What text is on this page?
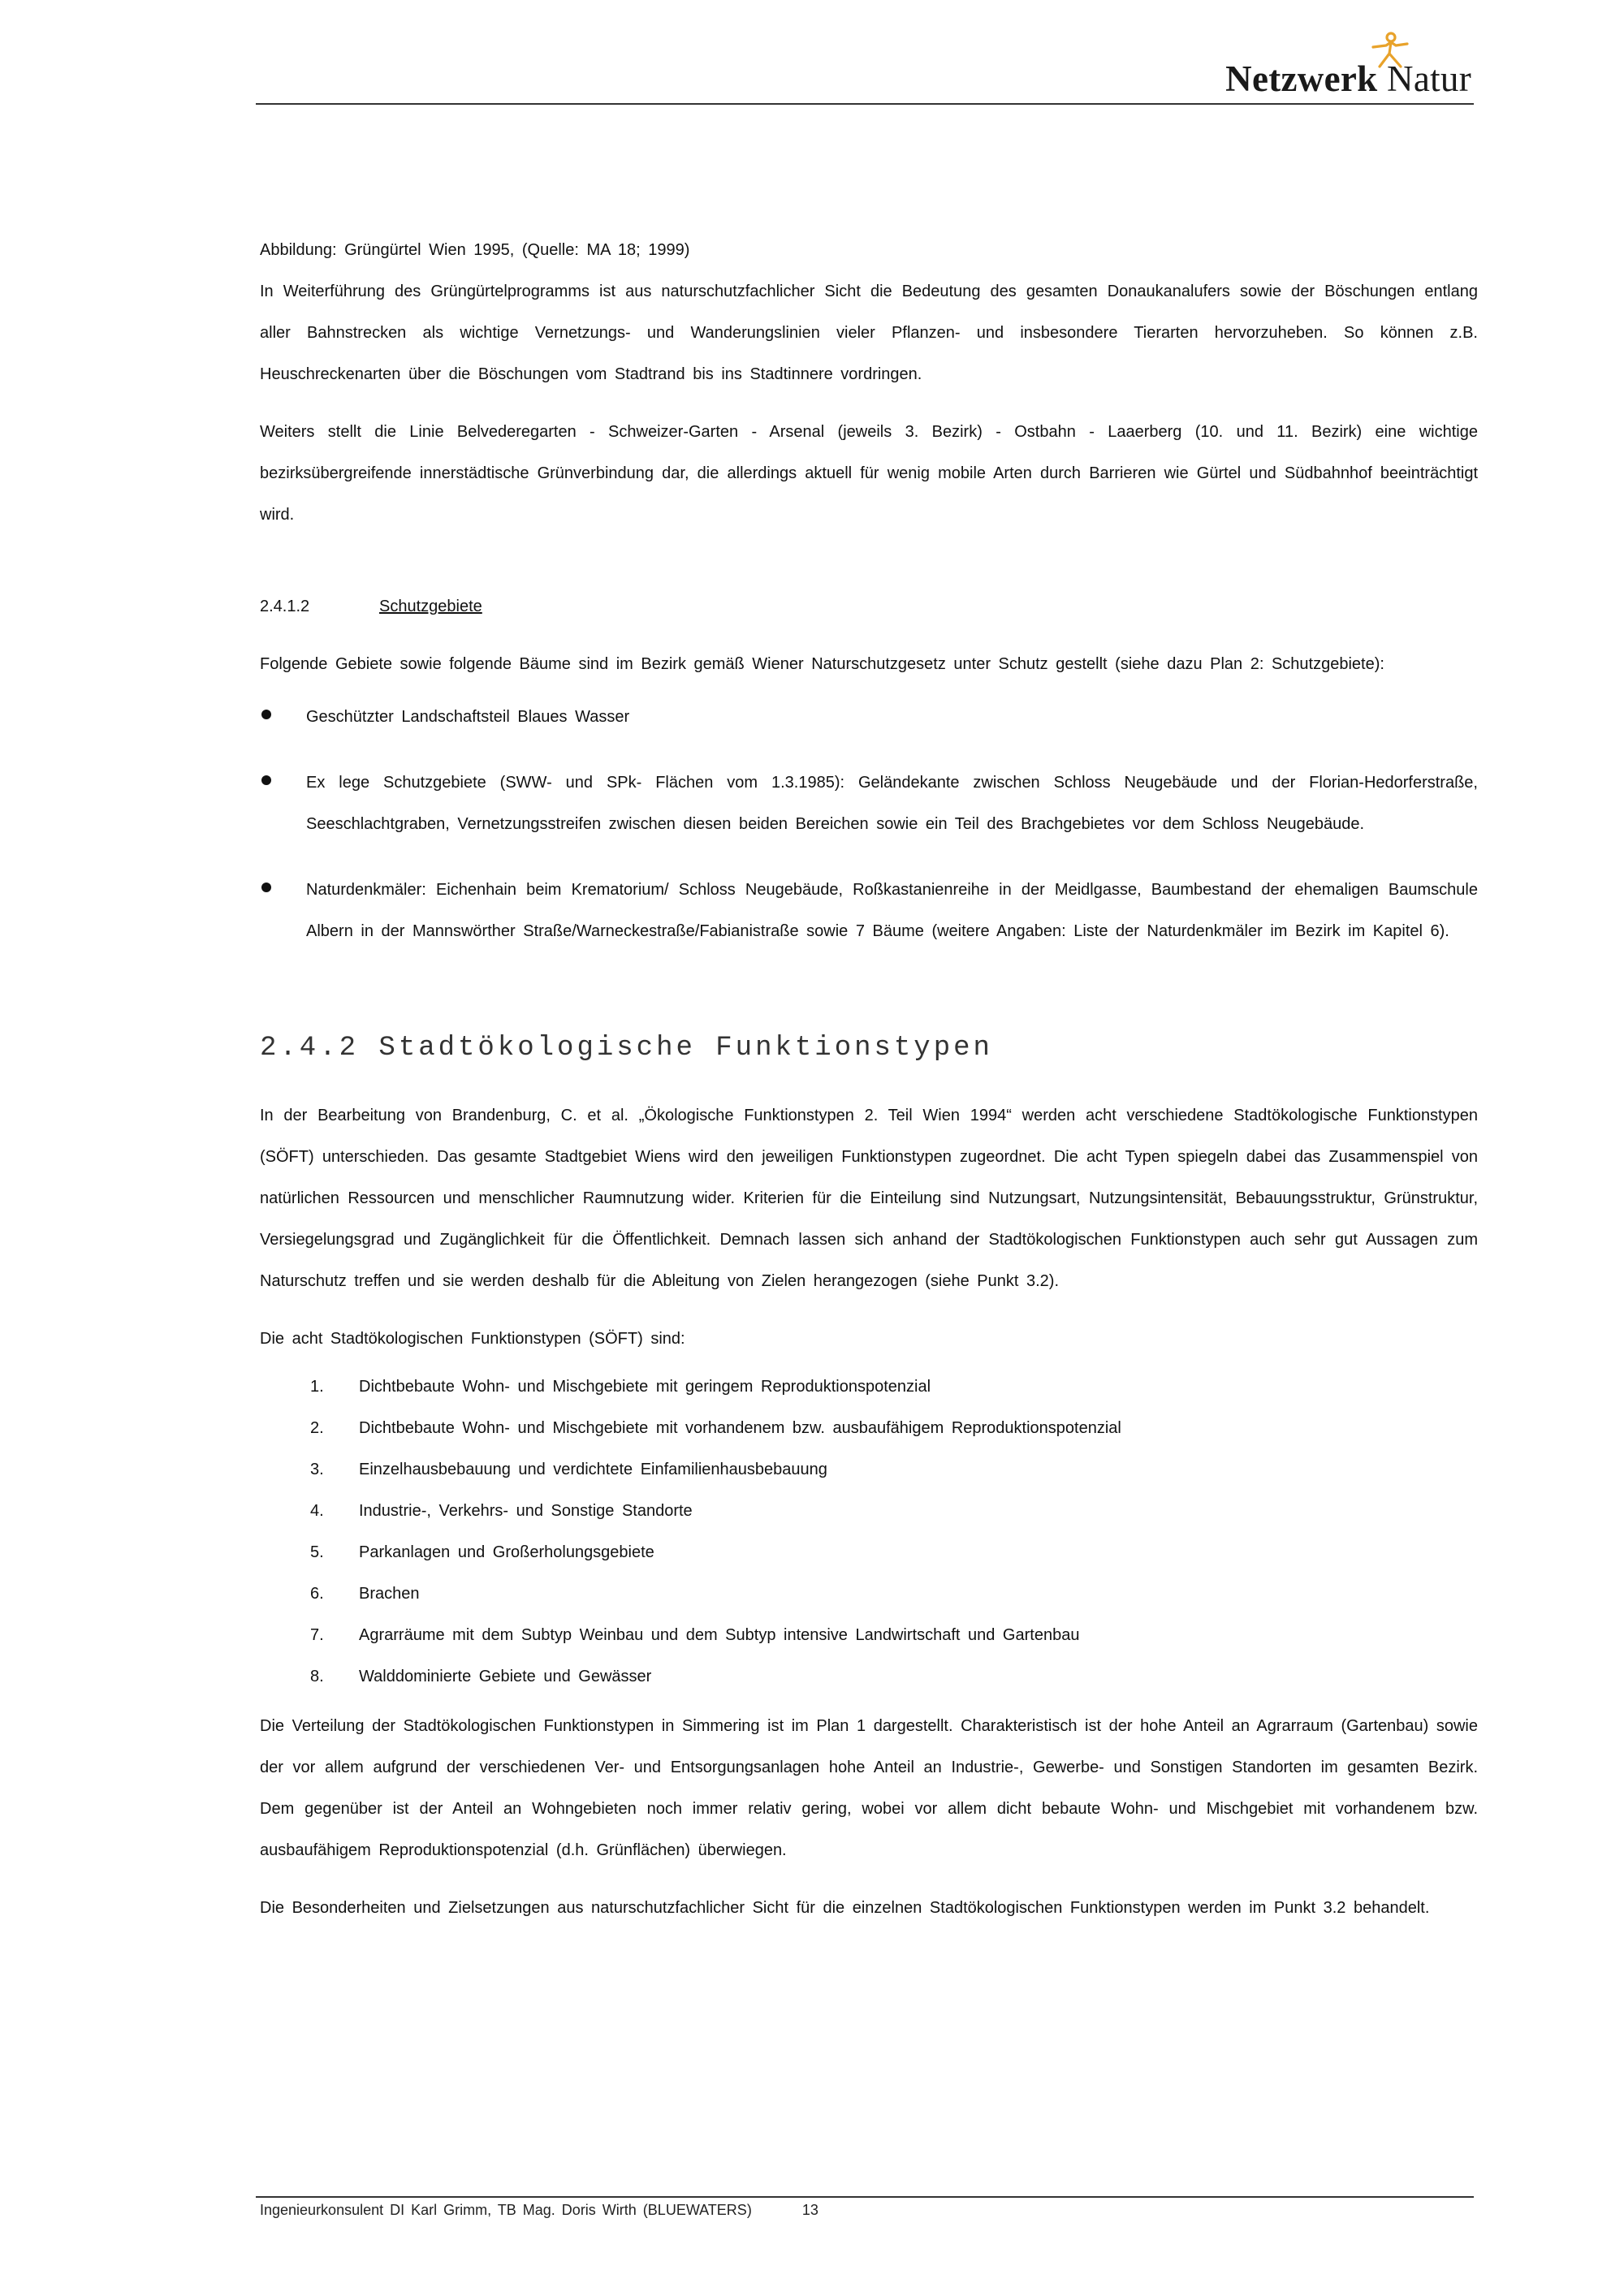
Netzwerk Natur

Abbildung: Grüngürtel Wien 1995, (Quelle: MA 18; 1999)

In Weiterführung des Grüngürtelprogramms ist aus naturschutzfachlicher Sicht die Bedeutung des gesamten Donaukanalufers sowie der Böschungen entlang aller Bahnstrecken als wichtige Vernetzungs- und Wanderungslinien vieler Pflanzen- und insbesondere Tierarten hervorzuheben. So können z.B. Heuschreckenarten über die Böschungen vom Stadtrand bis ins Stadtinnere vordringen.

Weiters stellt die Linie Belvederegarten - Schweizer-Garten - Arsenal (jeweils 3. Bezirk) - Ostbahn - Laaerberg (10. und 11. Bezirk) eine wichtige bezirksübergreifende innerstädtische Grünverbindung dar, die allerdings aktuell für wenig mobile Arten durch Barrieren wie Gürtel und Südbahnhof beeinträchtigt wird.

2.4.1.2	Schutzgebiete

Folgende Gebiete sowie folgende Bäume sind im Bezirk gemäß Wiener Naturschutzgesetz unter Schutz gestellt (siehe dazu Plan 2: Schutzgebiete):

Geschützter Landschaftsteil Blaues Wasser

Ex lege Schutzgebiete (SWW- und SPk- Flächen vom 1.3.1985): Geländekante zwischen Schloss Neugebäude und der Florian-Hedorferstraße, Seeschlachtgraben, Vernetzungsstreifen zwischen diesen beiden Bereichen sowie ein Teil des Brachgebietes vor dem Schloss Neugebäude.

Naturdenkmäler: Eichenhain beim Krematorium/ Schloss Neugebäude, Roßkastanienreihe in der Meidlgasse, Baumbestand der ehemaligen Baumschule Albern in der Mannswörther Straße/Warneckestraße/Fabianistraße sowie 7 Bäume (weitere Angaben: Liste der Naturdenkmäler im Bezirk im Kapitel 6).

2.4.2 Stadtökologische Funktionstypen

In der Bearbeitung von Brandenburg, C. et al. „Ökologische Funktionstypen 2. Teil Wien 1994“ werden acht verschiedene Stadtökologische Funktionstypen (SÖFT) unterschieden. Das gesamte Stadtgebiet Wiens wird den jeweiligen Funktionstypen zugeordnet. Die acht Typen spiegeln dabei das Zusammenspiel von natürlichen Ressourcen und menschlicher Raumnutzung wider. Kriterien für die Einteilung sind Nutzungsart, Nutzungsintensität, Bebauungsstruktur, Grünstruktur, Versiegelungsgrad und Zugänglichkeit für die Öffentlichkeit. Demnach lassen sich anhand der Stadtökologischen Funktionstypen auch sehr gut Aussagen zum Naturschutz treffen und sie werden deshalb für die Ableitung von Zielen herangezogen (siehe Punkt 3.2).

Die acht Stadtökologischen Funktionstypen (SÖFT) sind:

1.	Dichtbebaute Wohn- und Mischgebiete mit geringem Reproduktionspotenzial
2.	Dichtbebaute Wohn- und Mischgebiete mit vorhandenem bzw. ausbaufähigem Reproduktionspotenzial
3.	Einzelhausbebauung und verdichtete Einfamilienhausbebauung
4.	Industrie-, Verkehrs- und Sonstige Standorte
5.	Parkanlagen und Großerholungsgebiete
6.	Brachen
7.	Agrarräume mit dem Subtyp Weinbau und dem Subtyp intensive Landwirtschaft und Gartenbau
8.	Walddominierte Gebiete und Gewässer

Die Verteilung der Stadtökologischen Funktionstypen in Simmering ist im Plan 1 dargestellt. Charakteristisch ist der hohe Anteil an Agrarraum (Gartenbau) sowie der vor allem aufgrund der verschiedenen Ver- und Entsorgungsanlagen hohe Anteil an Industrie-, Gewerbe- und Sonstigen Standorten im gesamten Bezirk. Dem gegenüber ist der Anteil an Wohngebieten noch immer relativ gering, wobei vor allem dicht bebaute Wohn- und Mischgebiet mit vorhandenem bzw. ausbaufähigem Reproduktionspotenzial (d.h. Grünflächen) überwiegen.

Die Besonderheiten und Zielsetzungen aus naturschutzfachlicher Sicht für die einzelnen Stadtökologischen Funktionstypen werden im Punkt 3.2 behandelt.

Ingenieurkonsulent DI Karl Grimm, TB Mag. Doris Wirth (BLUEWATERS)	13
